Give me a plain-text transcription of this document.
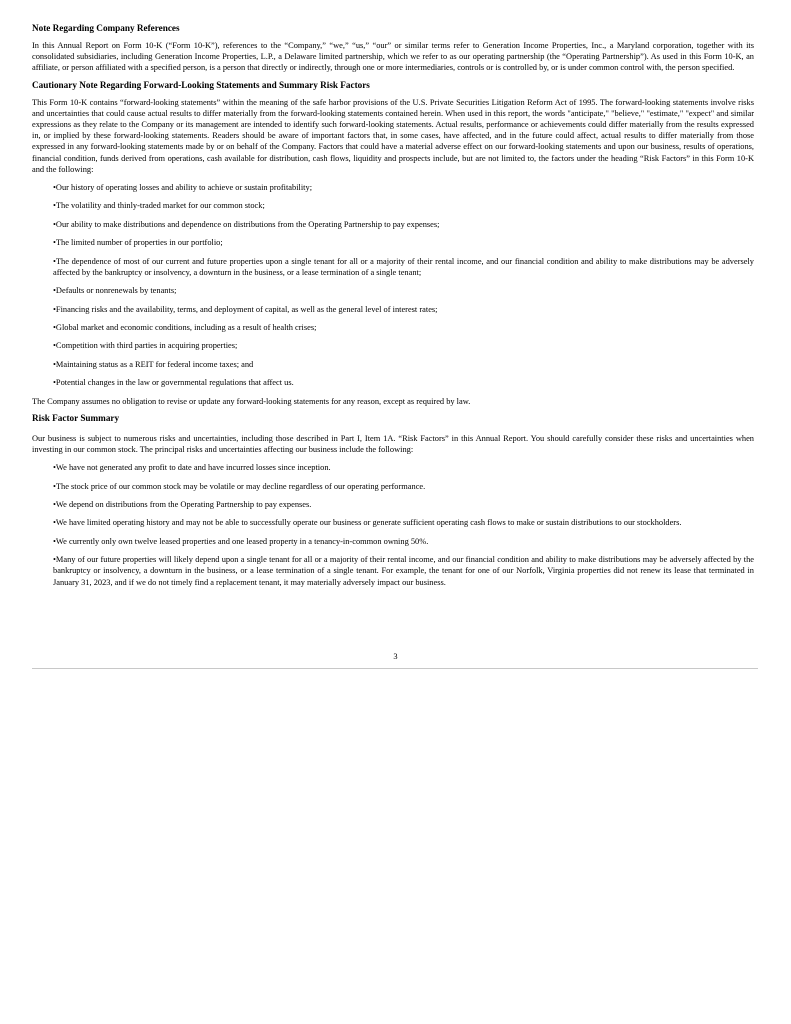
Note Regarding Company References

In this Annual Report on Form 10-K (“Form 10-K”), references to the “Company,” “we,” “us,” “our” or similar terms refer to Generation Income Properties, Inc., a Maryland corporation, together with its consolidated subsidiaries, including Generation Income Properties, L.P., a Delaware limited partnership, which we refer to as our operating partnership (the “Operating Partnership”). As used in this Form 10-K, an affiliate, or person affiliated with a specified person, is a person that directly or indirectly, through one or more intermediaries, controls or is controlled by, or is under common control with, the person specified.

Cautionary Note Regarding Forward-Looking Statements and Summary Risk Factors

This Form 10-K contains “forward-looking statements” within the meaning of the safe harbor provisions of the U.S. Private Securities Litigation Reform Act of 1995. The forward-looking statements involve risks and uncertainties that could cause actual results to differ materially from the forward-looking statements contained herein. When used in this report, the words "anticipate," "believe," "estimate," "expect" and similar expressions as they relate to the Company or its management are intended to identify such forward-looking statements. Actual results, performance or achievements could differ materially from the results expressed in, or implied by these forward-looking statements. Readers should be aware of important factors that, in some cases, have affected, and in the future could affect, actual results to differ materially from those expressed in any forward-looking statements made by or on behalf of the Company. Factors that could have a material adverse effect on our forward-looking statements and upon our business, results of operations, financial condition, funds derived from operations, cash available for distribution, cash flows, liquidity and prospects include, but are not limited to, the factors under the heading “Risk Factors” in this Form 10-K and the following:

•Our history of operating losses and ability to achieve or sustain profitability;
•The volatility and thinly-traded market for our common stock;
•Our ability to make distributions and dependence on distributions from the Operating Partnership to pay expenses;
•The limited number of properties in our portfolio;
•The dependence of most of our current and future properties upon a single tenant for all or a majority of their rental income, and our financial condition and ability to make distributions may be adversely affected by the bankruptcy or insolvency, a downturn in the business, or a lease termination of a single tenant;
•Defaults or nonrenewals by tenants;
•Financing risks and the availability, terms, and deployment of capital, as well as the general level of interest rates;
•Global market and economic conditions, including as a result of health crises;
•Competition with third parties in acquiring properties;
•Maintaining status as a REIT for federal income taxes; and
•Potential changes in the law or governmental regulations that affect us.

The Company assumes no obligation to revise or update any forward-looking statements for any reason, except as required by law.

Risk Factor Summary

Our business is subject to numerous risks and uncertainties, including those described in Part I, Item 1A. “Risk Factors” in this Annual Report. You should carefully consider these risks and uncertainties when investing in our common stock. The principal risks and uncertainties affecting our business include the following:

•We have not generated any profit to date and have incurred losses since inception.
•The stock price of our common stock may be volatile or may decline regardless of our operating performance.
•We depend on distributions from the Operating Partnership to pay expenses.
•We have limited operating history and may not be able to successfully operate our business or generate sufficient operating cash flows to make or sustain distributions to our stockholders.
•We currently only own twelve leased properties and one leased property in a tenancy-in-common owning 50%.
•Many of our future properties will likely depend upon a single tenant for all or a majority of their rental income, and our financial condition and ability to make distributions may be adversely affected by the bankruptcy or insolvency, a downturn in the business, or a lease termination of a single tenant. For example, the tenant for one of our Norfolk, Virginia properties did not renew its lease that terminated in January 31, 2023, and if we do not timely find a replacement tenant, it may materially adversely impact our business.
3
